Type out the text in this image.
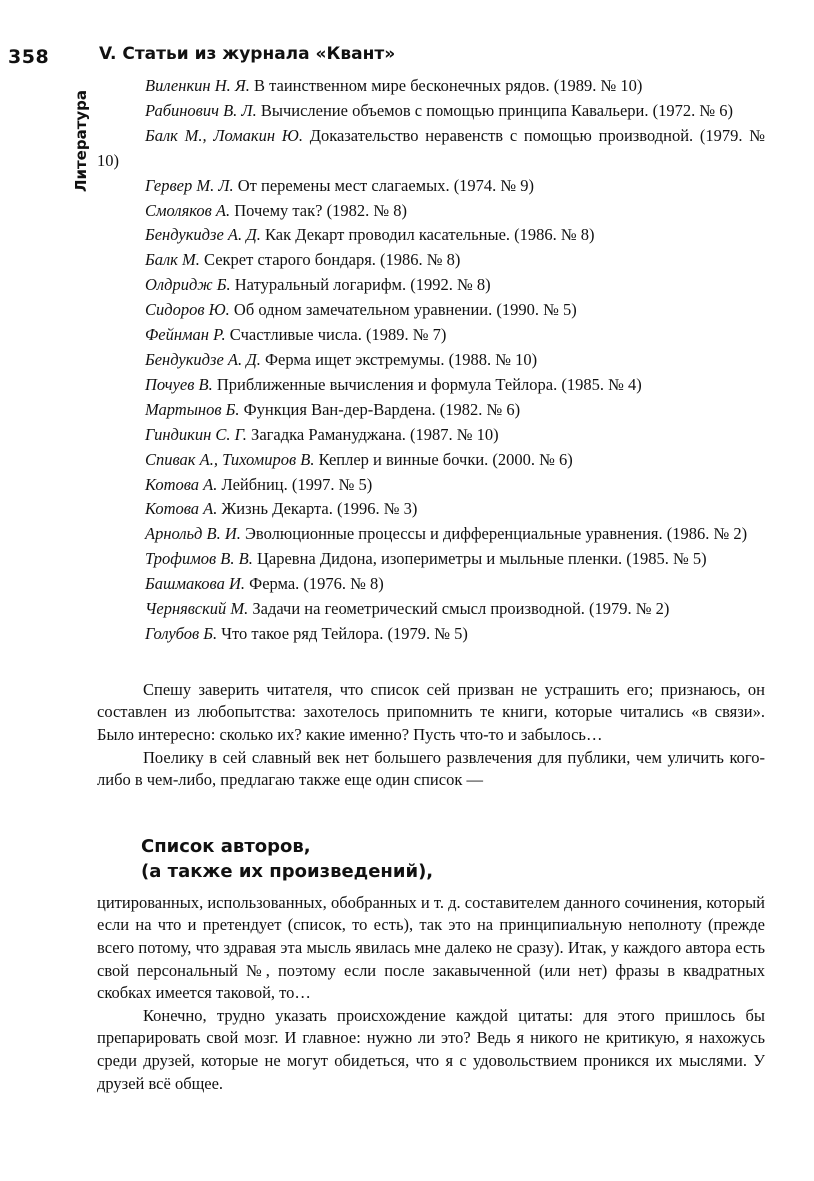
358	V. Статьи из журнала «Квант»
Литература

Виленкин Н. Я. В таинственном мире бесконечных рядов. (1989. № 10)

Рабинович В. Л. Вычисление объемов с помощью принципа Кавальери. (1972. № 6)

Балк М., Ломакин Ю. Доказательство неравенств с помощью производной. (1979. № 10)

Гервер М. Л. От перемены мест слагаемых. (1974. № 9)

Смоляков А. Почему так? (1982. № 8)

Бендукидзе А. Д. Как Декарт проводил касательные. (1986. № 8)

Балк М. Секрет старого бондаря. (1986. № 8)

Олдридж Б. Натуральный логарифм. (1992. № 8)

Сидоров Ю. Об одном замечательном уравнении. (1990. № 5)

Фейнман Р. Счастливые числа. (1989. № 7)

Бендукидзе А. Д. Ферма ищет экстремумы. (1988. № 10)

Почуев В. Приближенные вычисления и формула Тейлора. (1985. № 4)

Мартынов Б. Функция Ван-дер-Вардена. (1982. № 6)

Гиндикин С. Г. Загадка Рамануджана. (1987. № 10)

Спивак А., Тихомиров В. Кеплер и винные бочки. (2000. № 6)

Котова А. Лейбниц. (1997. № 5)

Котова А. Жизнь Декарта. (1996. № 3)

Арнольд В. И. Эволюционные процессы и дифференциальные уравнения. (1986. № 2)

Трофимов В. В. Царевна Дидона, изопериметры и мыльные пленки. (1985. № 5)

Башмакова И. Ферма. (1976. № 8)

Чернявский М. Задачи на геометрический смысл производной. (1979. № 2)

Голубов Б. Что такое ряд Тейлора. (1979. № 5)

Спешу заверить читателя, что список сей призван не устрашить его; признаюсь, он составлен из любопытства: захотелось припомнить те книги, которые читались «в связи». Было интересно: сколько их? какие именно? Пусть что-то и забылось…

Поелику в сей славный век нет большего развлечения для публики, чем уличить кого-либо в чем-либо, предлагаю также еще один список —

Список авторов,
(а также их произведений),

цитированных, использованных, обобранных и т. д. составителем данного сочинения, который если на что и претендует (список, то есть), так это на принципиальную неполноту (прежде всего потому, что здравая эта мысль явилась мне далеко не сразу). Итак, у каждого автора есть свой персональный №, поэтому если после закавыченной (или нет) фразы в квадратных скобках имеется таковой, то…

Конечно, трудно указать происхождение каждой цитаты: для этого пришлось бы препарировать свой мозг. И главное: нужно ли это? Ведь я никого не критикую, я нахожусь среди друзей, которые не могут обидеться, что я с удовольствием проникся их мыслями. У друзей всё общее.
